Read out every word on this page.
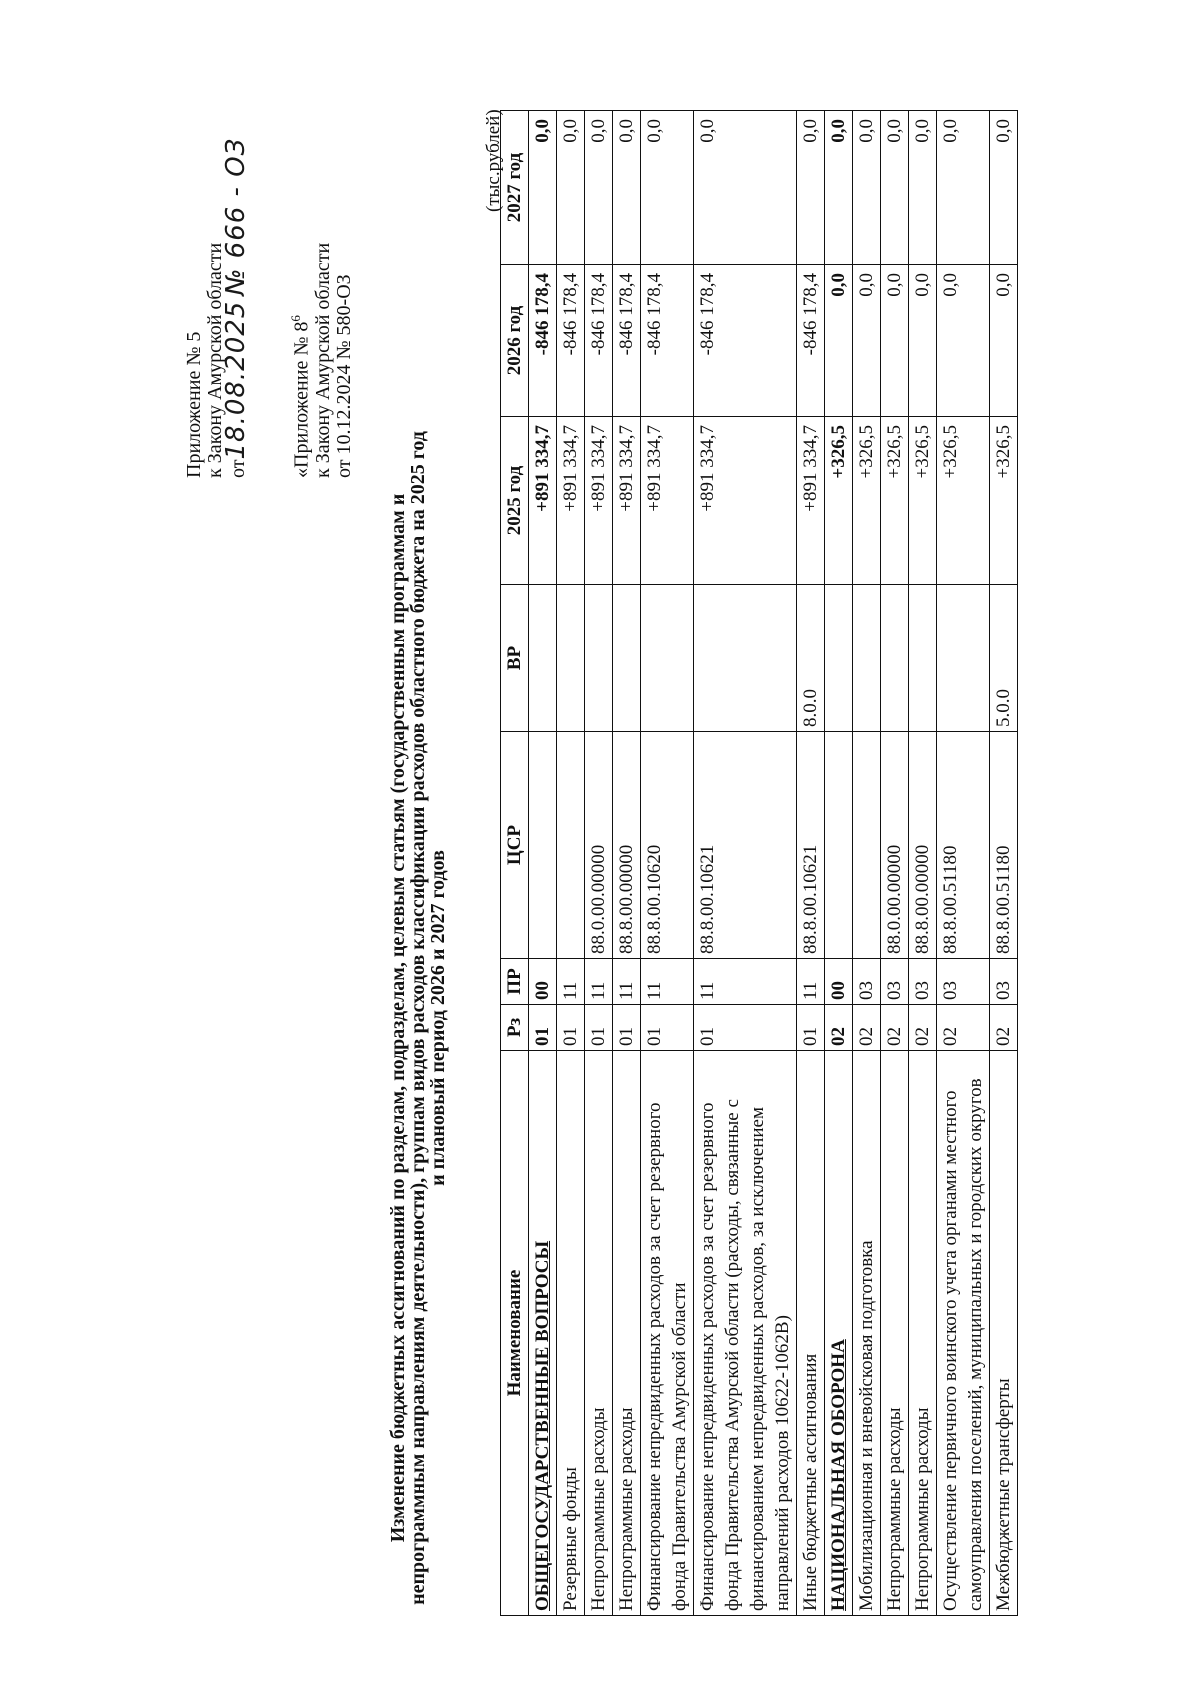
Приложение № 5 к Закону Амурской области от18.08.2025 № 666 - ОЗ
«Приложение № $8^6$ к Закону Амурской области от 10.12.2024 № 580-ОЗ
Изменение бюджетных ассигнований по разделам, подразделам, целевым статьям (государственным программам и непрограммным направлениям деятельности), группам видов расходов классификации расходов областного бюджета на 2025 год и плановый период 2026 и 2027 годов
(тыс.рублей)
Наименование	Рз	ПР	ЦСР	ВР	2025 год	2026 год	2027 год
ОБЩЕГОСУДАРСТВЕННЫЕ ВОПРОСЫ	01	00			+891 334,7	-846 178,4	0,0
Резервные фонды	01	11			+891 334,7	-846 178,4	0,0
Непрограммные расходы	01	11	88.0.00.00000		+891 334,7	-846 178,4	0,0
Непрограммные расходы	01	11	88.8.00.00000		+891 334,7	-846 178,4	0,0
Финансирование непредвиденных расходов за счет резервного фонда Правительства Амурской области	01	11	88.8.00.10620		+891 334,7	-846 178,4	0,0
Финансирование непредвиденных расходов за счет резервного фонда Правительства Амурской области (расходы, связанные с финансированием непредвиденных расходов, за исключением направлений расходов 10622-1062В)	01	11	88.8.00.10621		+891 334,7	-846 178,4	0,0
Иные бюджетные ассигнования	01	11	88.8.00.10621	8.0.0	+891 334,7	-846 178,4	0,0
НАЦИОНАЛЬНАЯ ОБОРОНА	02	00			+326,5	0,0	0,0
Мобилизационная и вневойсковая подготовка	02	03			+326,5	0,0	0,0
Непрограммные расходы	02	03	88.0.00.00000		+326,5	0,0	0,0
Непрограммные расходы	02	03	88.8.00.00000		+326,5	0,0	0,0
Осуществление первичного воинского учета органами местного самоуправления поселений, муниципальных и городских округов	02	03	88.8.00.51180		+326,5	0,0	0,0
Межбюджетные трансферты	02	03	88.8.00.51180	5.0.0	+326,5	0,0	0,0
